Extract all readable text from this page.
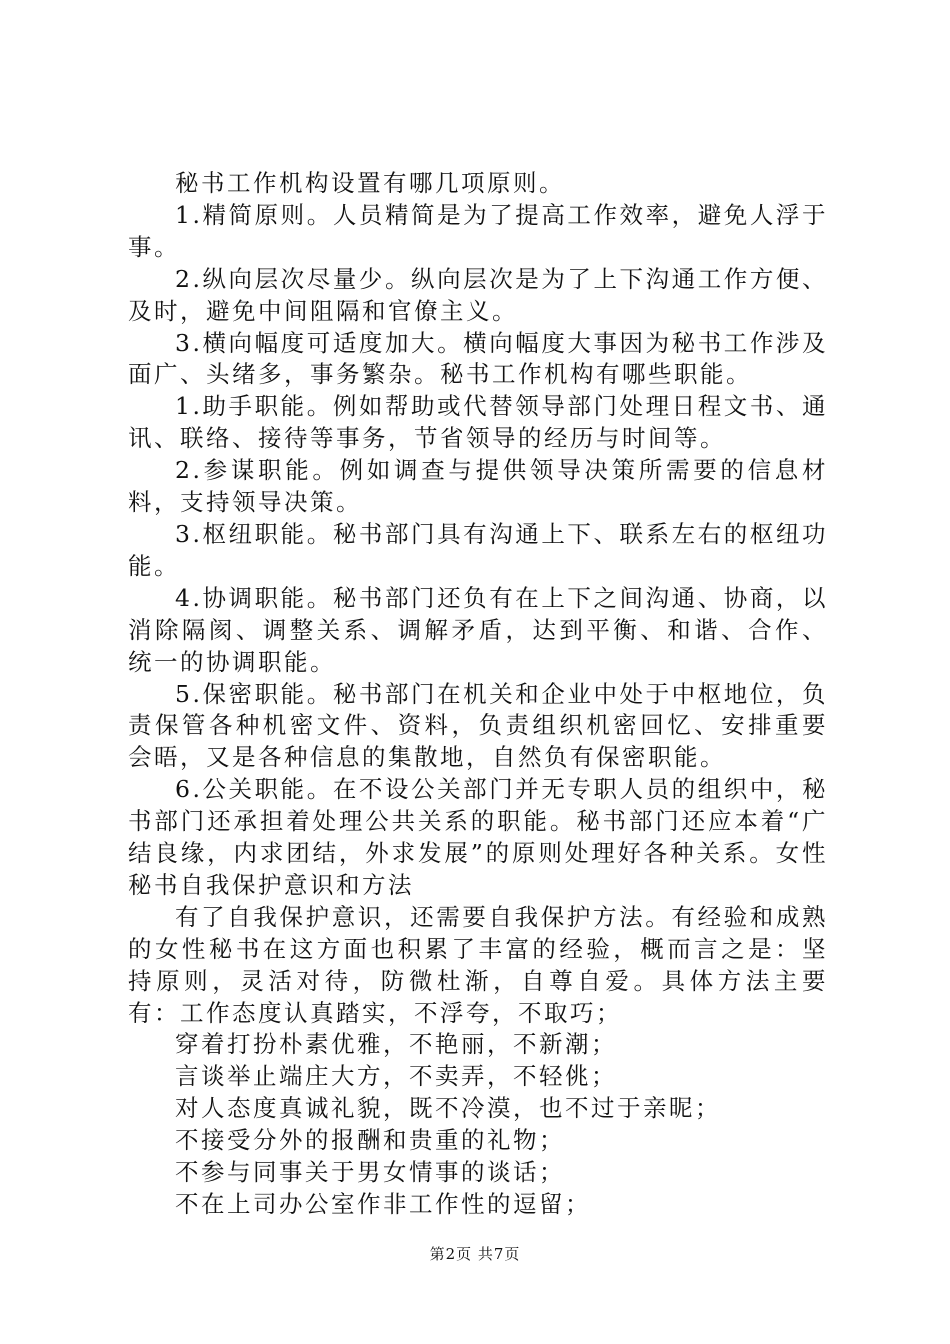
秘书工作机构设置有哪几项原则。

1.精简原则。人员精简是为了提高工作效率，避免人浮于事。

2.纵向层次尽量少。纵向层次是为了上下沟通工作方便、及时，避免中间阻隔和官僚主义。

3.横向幅度可适度加大。横向幅度大事因为秘书工作涉及面广、头绪多，事务繁杂。秘书工作机构有哪些职能。

1.助手职能。例如帮助或代替领导部门处理日程文书、通讯、联络、接待等事务，节省领导的经历与时间等。

2.参谋职能。例如调查与提供领导决策所需要的信息材料，支持领导决策。

3.枢纽职能。秘书部门具有沟通上下、联系左右的枢纽功能。

4.协调职能。秘书部门还负有在上下之间沟通、协商，以消除隔阂、调整关系、调解矛盾，达到平衡、和谐、合作、统一的协调职能。

5.保密职能。秘书部门在机关和企业中处于中枢地位，负责保管各种机密文件、资料，负责组织机密回忆、安排重要会晤，又是各种信息的集散地，自然负有保密职能。

6.公关职能。在不设公关部门并无专职人员的组织中，秘书部门还承担着处理公共关系的职能。秘书部门还应本着“广结良缘，内求团结，外求发展”的原则处理好各种关系。女性秘书自我保护意识和方法

有了自我保护意识，还需要自我保护方法。有经验和成熟的女性秘书在这方面也积累了丰富的经验，概而言之是：坚持原则，灵活对待，防微杜渐，自尊自爱。具体方法主要有：工作态度认真踏实，不浮夸，不取巧；

穿着打扮朴素优雅，不艳丽，不新潮；

言谈举止端庄大方，不卖弄，不轻佻；

对人态度真诚礼貌，既不冷漠，也不过于亲昵；

不接受分外的报酬和贵重的礼物；

不参与同事关于男女情事的谈话；

不在上司办公室作非工作性的逗留；

第2页 共7页
